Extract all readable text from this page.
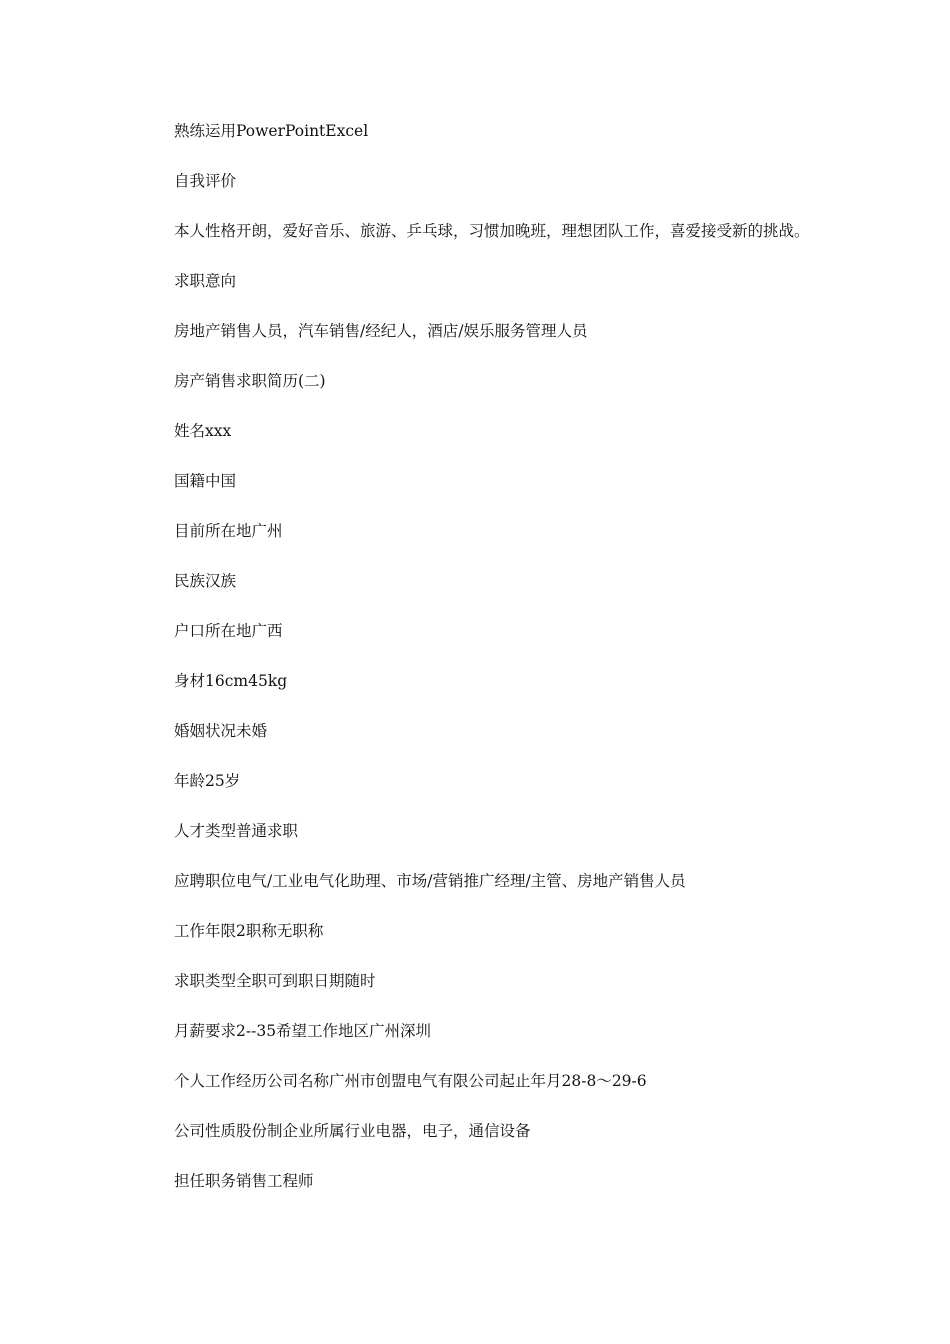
熟练运用PowerPointExcel

自我评价

本人性格开朗，爱好音乐、旅游、乒乓球，习惯加晚班，理想团队工作，喜爱接受新的挑战。

求职意向

房地产销售人员，汽车销售/经纪人，酒店/娱乐服务管理人员

房产销售求职简历(二)

姓名xxx

国籍中国

目前所在地广州

民族汉族

户口所在地广西

身材16cm45kg

婚姻状况未婚

年龄25岁

人才类型普通求职

应聘职位电气/工业电气化助理、市场/营销推广经理/主管、房地产销售人员

工作年限2职称无职称

求职类型全职可到职日期随时

月薪要求2--35希望工作地区广州深圳

个人工作经历公司名称广州市创盟电气有限公司起止年月28-8～29-6

公司性质股份制企业所属行业电器，电子，通信设备

担任职务销售工程师
